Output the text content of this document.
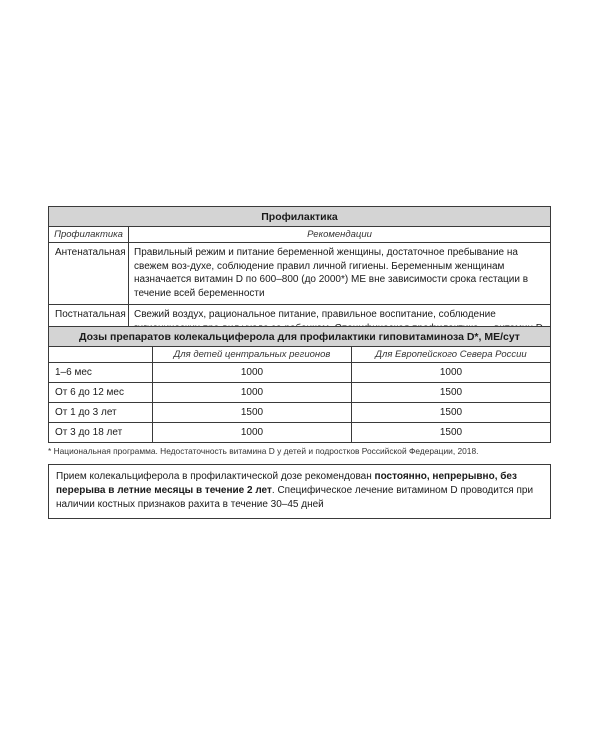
Профилактика	
Профилактика	Рекомендации
Антенатальная	Правильный режим и питание беременной женщины, достаточное пребывание на свежем воз-духе, соблюдение правил личной гигиены. Беременным женщинам назначается витамин D по 600–800 (до 2000*) МЕ вне зависимости срока гестации в течение всей беременности
Постнатальная	Свежий воздух, рациональное питание, правильное воспитание, соблюдение
Дозы препаратов колекальциферола для профилактики гиповитаминоза D*, МЕ/сут		
	Для детей центральных регионов	Для Европейского Севера России
1–6 мес	1000	1000
От 6 до 12 мес	1000	1500
От 1 до 3 лет	1500	1500
От 3 до 18 лет	1000	1500
* Национальная программа. Недостаточность витамина D у детей и подростков Российской Федерации, 2018.
Прием колекальциферола в профилактической дозе рекомендован постоянно, непрерывно, без перерыва в летние месяцы в течение 2 лет. Специфическое лечение витамином D проводится при наличии костных признаков рахита в течение 30–45 дней
